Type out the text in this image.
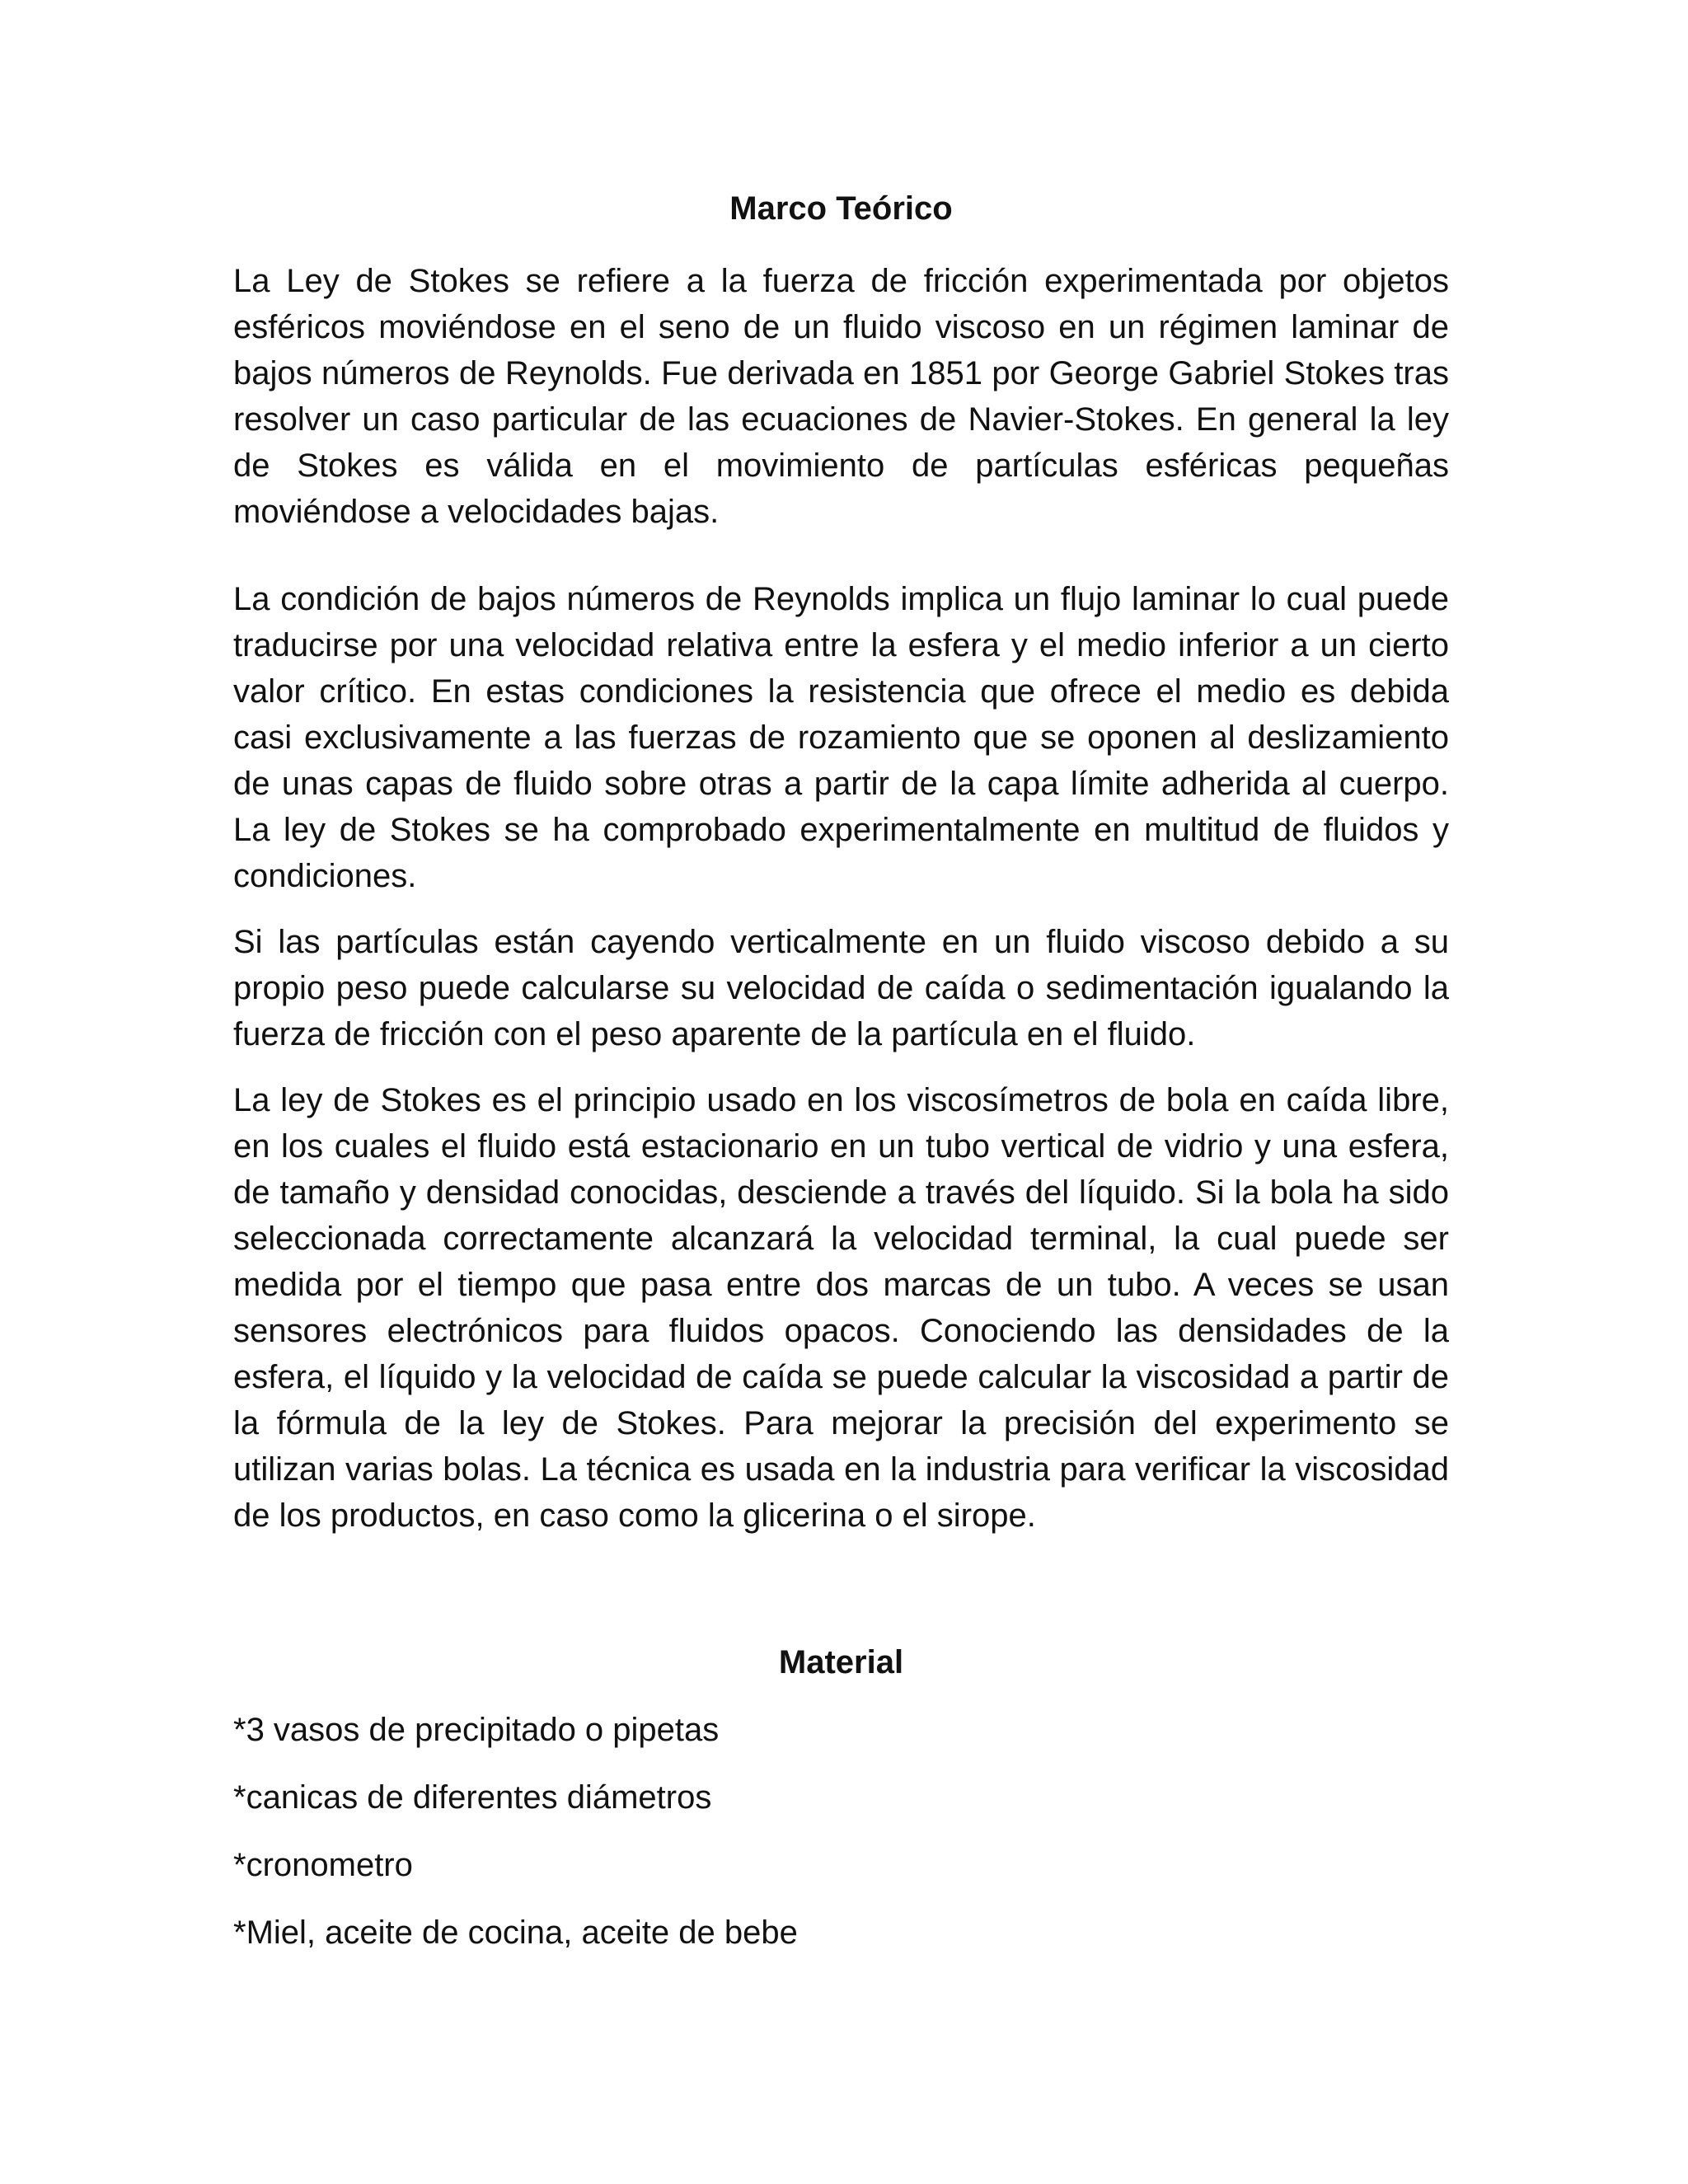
Marco Teórico

La Ley de Stokes se refiere a la fuerza de fricción experimentada por objetos esféricos moviéndose en el seno de un fluido viscoso en un régimen laminar de bajos números de Reynolds. Fue derivada en 1851 por George Gabriel Stokes tras resolver un caso particular de las ecuaciones de Navier-Stokes. En general la ley de Stokes es válida en el movimiento de partículas esféricas pequeñas moviéndose a velocidades bajas.

La condición de bajos números de Reynolds implica un flujo laminar lo cual puede traducirse por una velocidad relativa entre la esfera y el medio inferior a un cierto valor crítico. En estas condiciones la resistencia que ofrece el medio es debida casi exclusivamente a las fuerzas de rozamiento que se oponen al deslizamiento de unas capas de fluido sobre otras a partir de la capa límite adherida al cuerpo. La ley de Stokes se ha comprobado experimentalmente en multitud de fluidos y condiciones.

Si las partículas están cayendo verticalmente en un fluido viscoso debido a su propio peso puede calcularse su velocidad de caída o sedimentación igualando la fuerza de fricción con el peso aparente de la partícula en el fluido.

La ley de Stokes es el principio usado en los viscosímetros de bola en caída libre, en los cuales el fluido está estacionario en un tubo vertical de vidrio y una esfera, de tamaño y densidad conocidas, desciende a través del líquido. Si la bola ha sido seleccionada correctamente alcanzará la velocidad terminal, la cual puede ser medida por el tiempo que pasa entre dos marcas de un tubo. A veces se usan sensores electrónicos para fluidos opacos. Conociendo las densidades de la esfera, el líquido y la velocidad de caída se puede calcular la viscosidad a partir de la fórmula de la ley de Stokes. Para mejorar la precisión del experimento se utilizan varias bolas. La técnica es usada en la industria para verificar la viscosidad de los productos, en caso como la glicerina o el sirope.

Material

*3 vasos de precipitado o pipetas

*canicas de diferentes diámetros

*cronometro

*Miel, aceite de cocina, aceite de bebe
